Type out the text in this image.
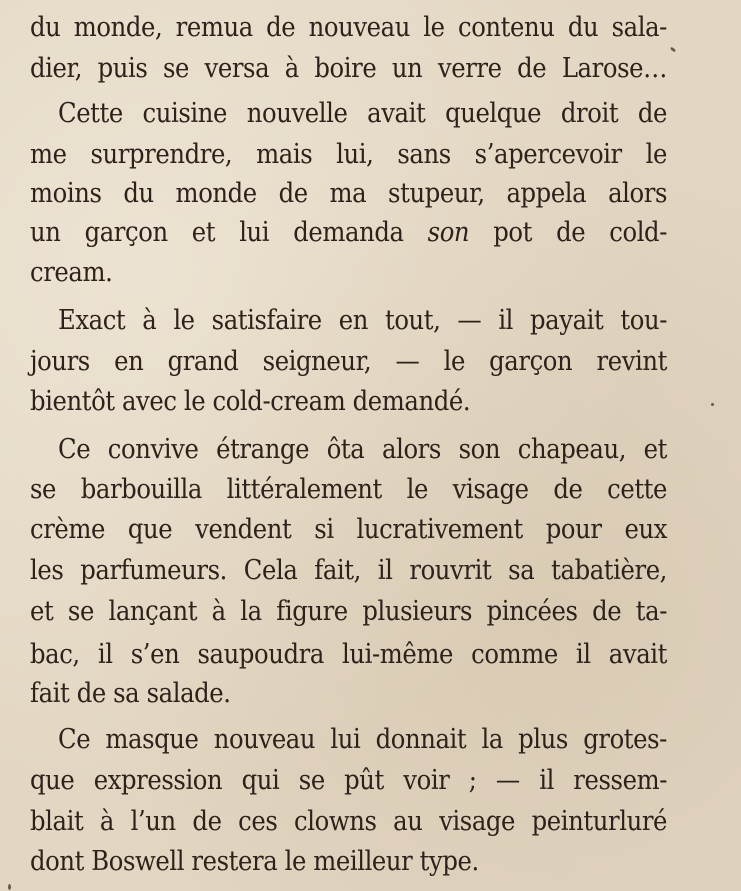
du monde, remua de nouveau le contenu du sala-
dier, puis se versa à boire un verre de Larose…
Cette cuisine nouvelle avait quelque droit de
me surprendre, mais lui, sans s’apercevoir le
moins du monde de ma stupeur, appela alors
un garçon et lui demanda son pot de cold-
cream.
Exact à le satisfaire en tout, — il payait tou-
jours en grand seigneur, — le garçon revint
bientôt avec le cold-cream demandé.
Ce convive étrange ôta alors son chapeau, et
se barbouilla littéralement le visage de cette
crème que vendent si lucrativement pour eux
les parfumeurs. Cela fait, il rouvrit sa tabatière,
et se lançant à la figure plusieurs pincées de ta-
bac, il s’en saupoudra lui-même comme il avait
fait de sa salade.
Ce masque nouveau lui donnait la plus grotes-
que expression qui se pût voir ; — il ressem-
blait à l’un de ces clowns au visage peinturluré
dont Boswell restera le meilleur type.
